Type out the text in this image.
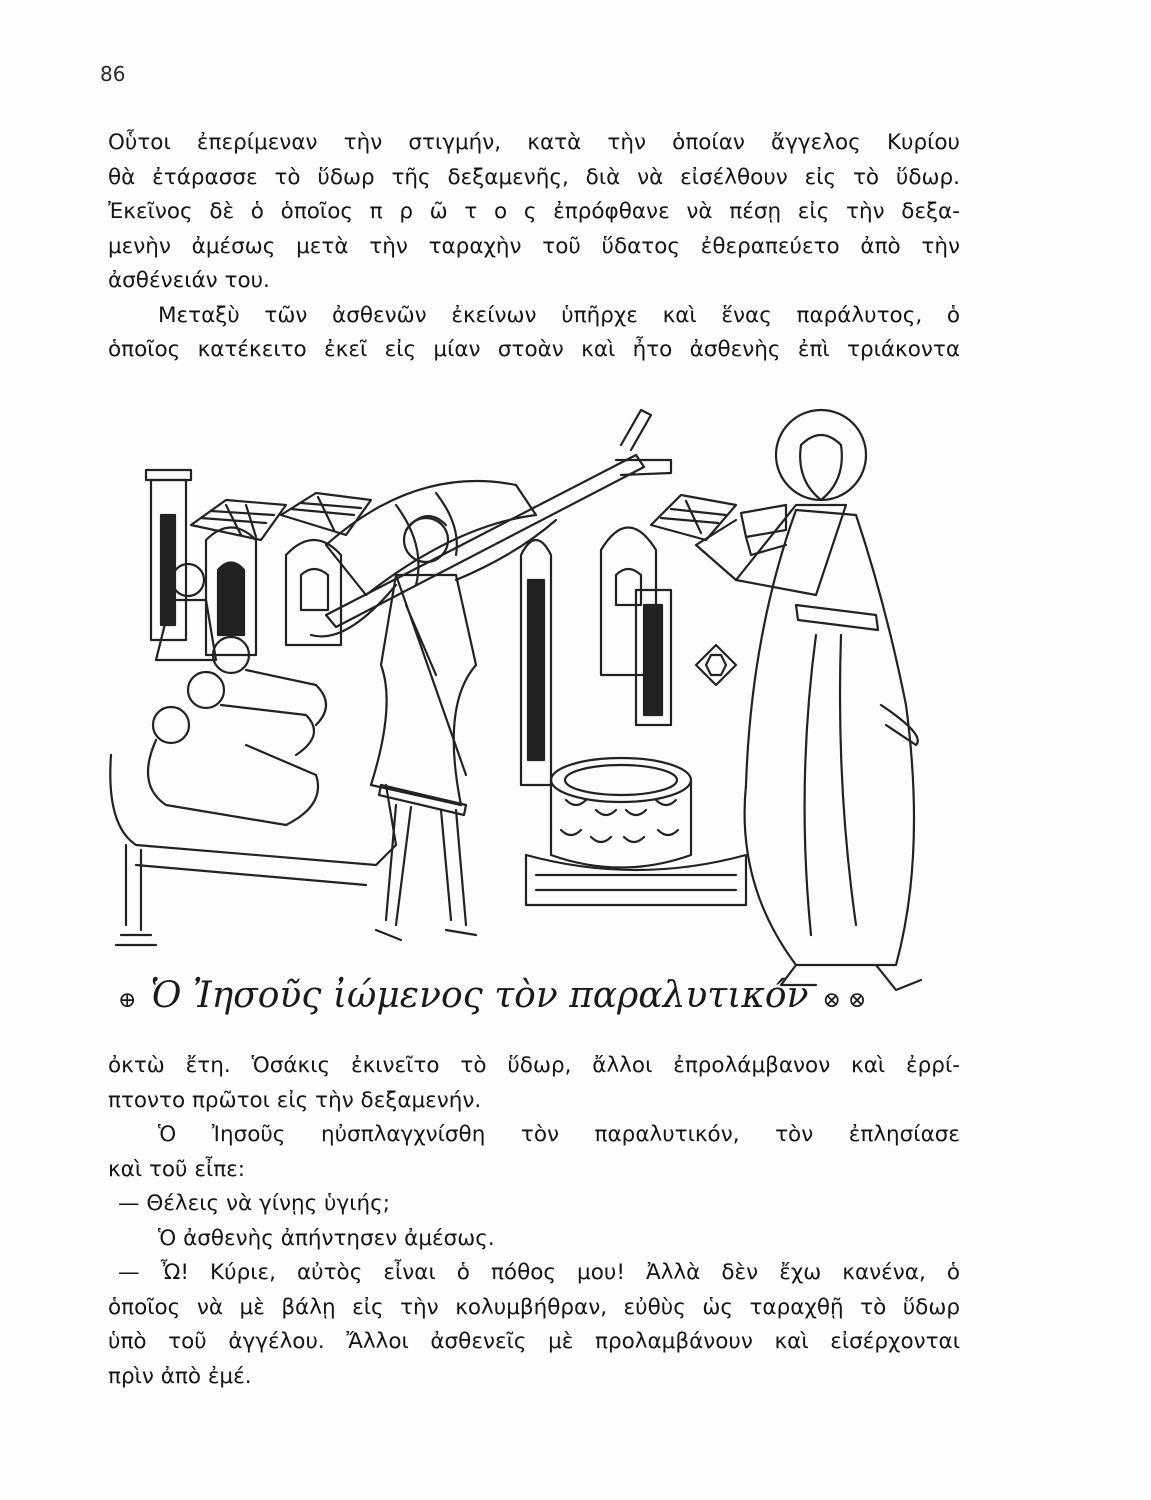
86

Οὗτοι ἐπερίμεναν τὴν στιγμήν, κατὰ τὴν ὁποίαν ἄγγελος Κυρίου

θὰ ἐτάρασσε τὸ ὕδωρ τῆς δεξαμενῆς, διὰ νὰ εἰσέλθουν εἰς τὸ ὕδωρ.

Ἐκεῖνος δὲ ὁ ὁποῖος π ρ ῶ τ ο ς ἐπρόφθανε νὰ πέσῃ εἰς τὴν δεξα-

μενὴν ἀμέσως μετὰ τὴν ταραχὴν τοῦ ὕδατος ἐθεραπεύετο ἀπὸ τὴν

ἀσθένειάν του.

Μεταξὺ τῶν ἀσθενῶν ἐκείνων ὑπῆρχε καὶ ἕνας παράλυτος, ὁ

ὁποῖος κατέκειτο ἐκεῖ εἰς μίαν στοὰν καὶ ἦτο ἀσθενὴς ἐπὶ τριάκοντα

⊕ Ὁ Ἰησοῦς ἰώμενος τὸν παραλυτικόν ⊗ ⊗

ὀκτὼ ἔτη. Ὁσάκις ἐκινεῖτο τὸ ὕδωρ, ἄλλοι ἐπρολάμβανον καὶ ἐρρί-

πτοντο πρῶτοι εἰς τὴν δεξαμενήν.

Ὁ Ἰησοῦς ηὐσπλαγχνίσθη τὸν παραλυτικόν, τὸν ἐπλησίασε

καὶ τοῦ εἶπε:

— Θέλεις νὰ γίνῃς ὑγιής;

Ὁ ἀσθενὴς ἀπήντησεν ἀμέσως.

— Ὦ! Κύριε, αὐτὸς εἶναι ὁ πόθος μου! Ἀλλὰ δὲν ἔχω κανένα, ὁ

ὁποῖος νὰ μὲ βάλῃ εἰς τὴν κολυμβήθραν, εὐθὺς ὡς ταραχθῇ τὸ ὕδωρ

ὑπὸ τοῦ ἀγγέλου. Ἄλλοι ἀσθενεῖς μὲ προλαμβάνουν καὶ εἰσέρχονται

πρὶν ἀπὸ ἐμέ.
